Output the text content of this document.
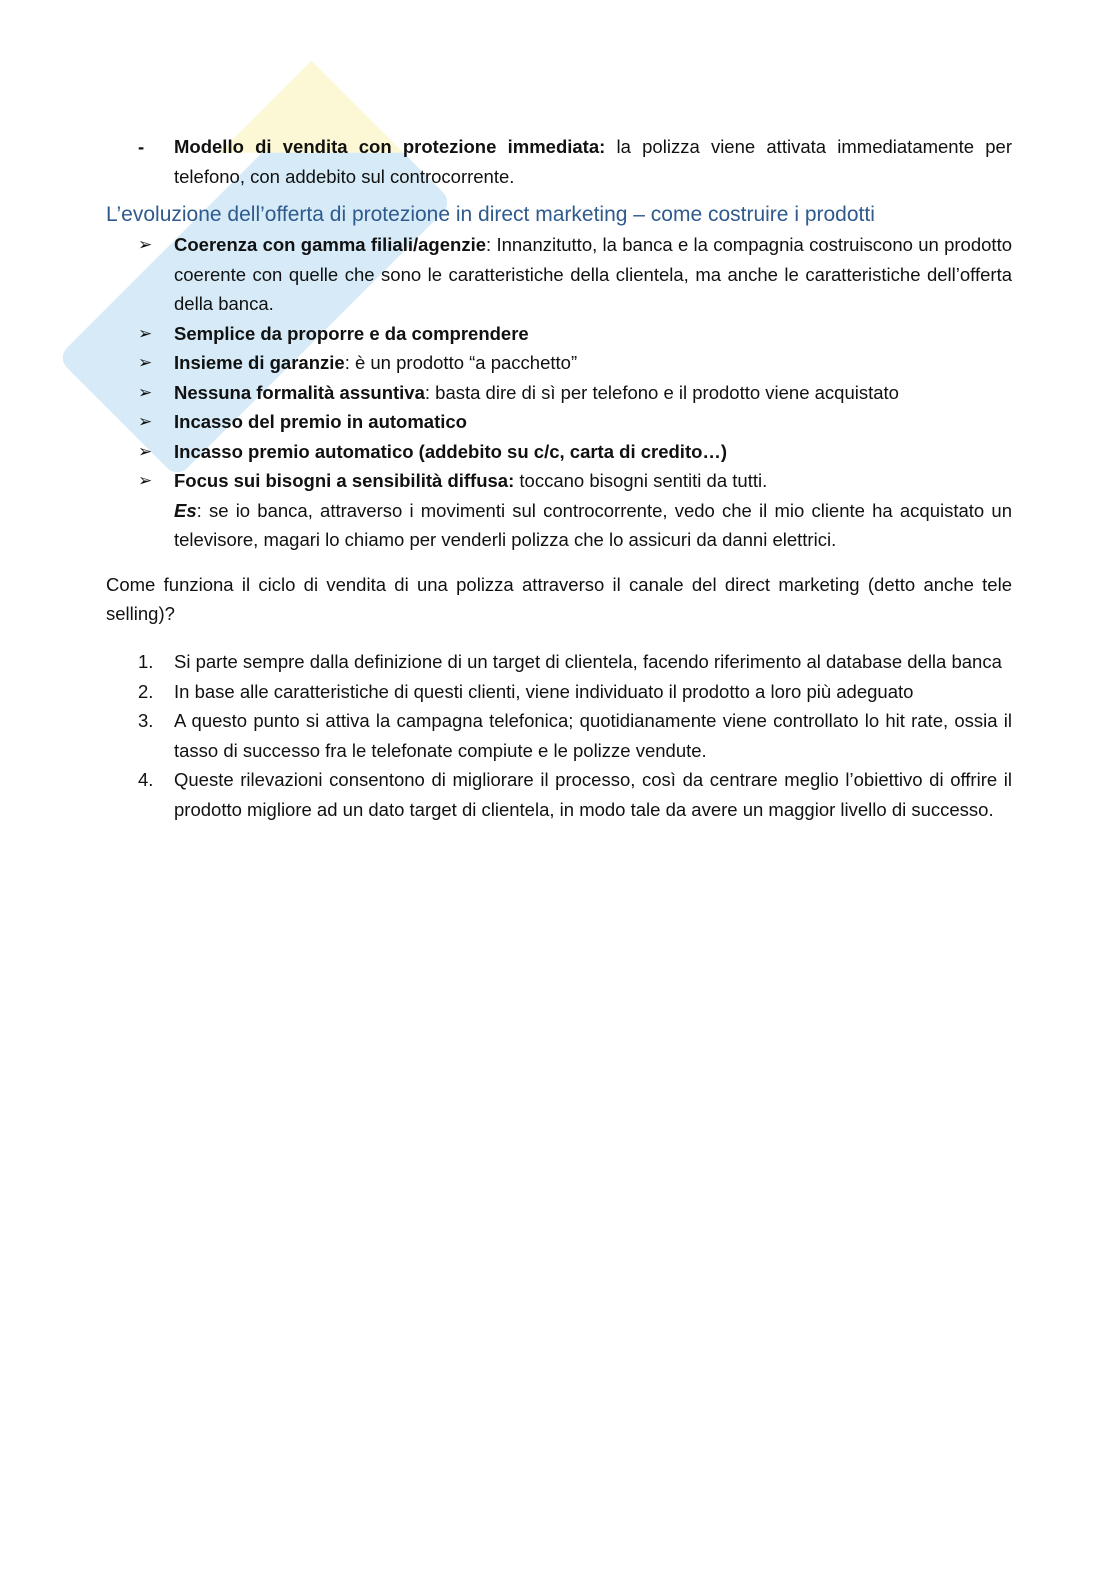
- Modello di vendita con protezione immediata: la polizza viene attivata immediatamente per telefono, con addebito sul controcorrente.
L’evoluzione dell’offerta di protezione in direct marketing – come costruire i prodotti
➢ Coerenza con gamma filiali/agenzie: Innanzitutto, la banca e la compagnia costruiscono un prodotto coerente con quelle che sono le caratteristiche della clientela, ma anche le caratteristiche dell’offerta della banca.
➢ Semplice da proporre e da comprendere
➢ Insieme di garanzie: è un prodotto “a pacchetto”
➢ Nessuna formalità assuntiva: basta dire di sì per telefono e il prodotto viene acquistato
➢ Incasso del premio in automatico
➢ Incasso premio automatico (addebito su c/c, carta di credito…)
➢ Focus sui bisogni a sensibilità diffusa: toccano bisogni sentiti da tutti.
Es: se io banca, attraverso i movimenti sul controcorrente, vedo che il mio cliente ha acquistato un televisore, magari lo chiamo per venderli polizza che lo assicuri da danni elettrici.

Come funziona il ciclo di vendita di una polizza attraverso il canale del direct marketing (detto anche tele selling)?

1. Si parte sempre dalla definizione di un target di clientela, facendo riferimento al database della banca
2. In base alle caratteristiche di questi clienti, viene individuato il prodotto a loro più adeguato
3. A questo punto si attiva la campagna telefonica; quotidianamente viene controllato lo hit rate, ossia il tasso di successo fra le telefonate compiute e le polizze vendute.
4. Queste rilevazioni consentono di migliorare il processo, così da centrare meglio l’obiettivo di offrire il prodotto migliore ad un dato target di clientela, in modo tale da avere un maggior livello di successo.
